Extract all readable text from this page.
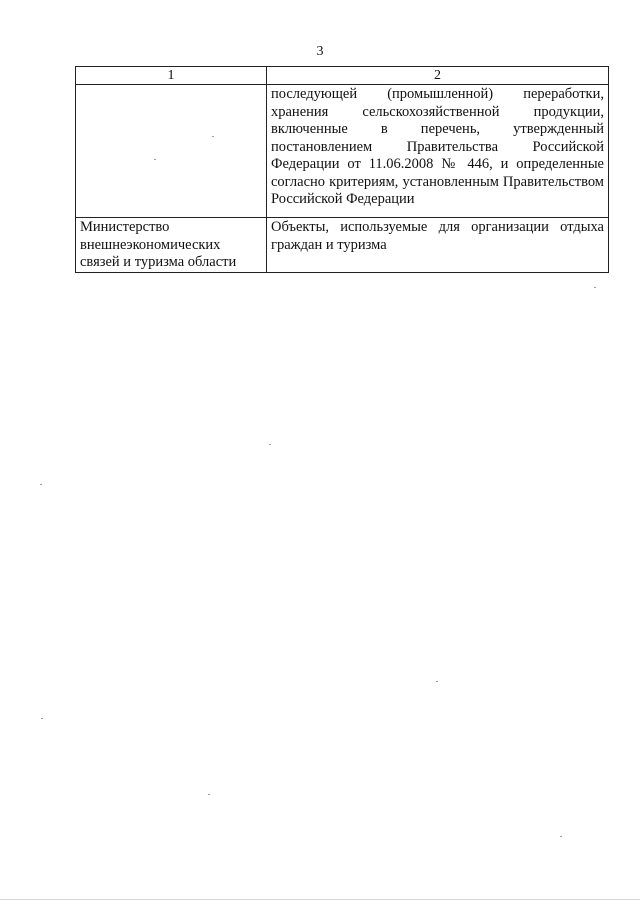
3
1	2

	последующей (промышленной) переработки, хранения сельскохозяйственной продукции, включенные в перечень, утвержденный постановлением Правительства Российской Федерации от 11.06.2008 № 446, и определенные согласно критериям, установленным Правительством Российской Федерации

Министерство внешнеэкономических связей и туризма области	Объекты, используемые для организации отдыха граждан и туризма
